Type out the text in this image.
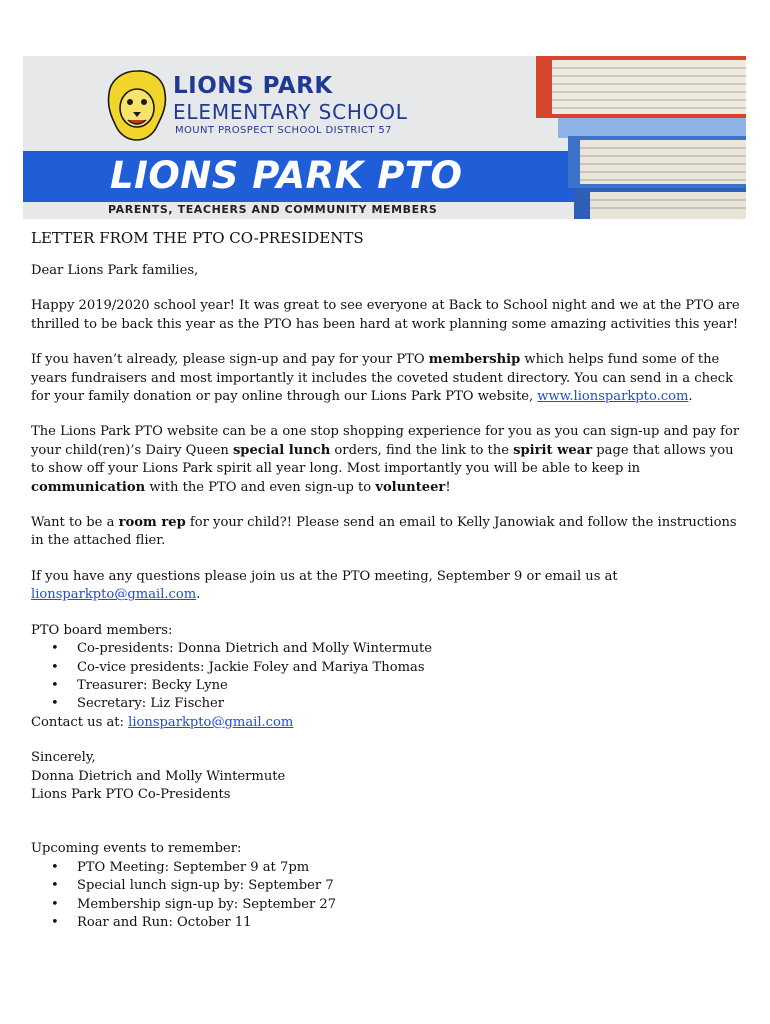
LIONS PARK
ELEMENTARY SCHOOL
MOUNT PROSPECT SCHOOL DISTRICT 57
LIONS PARK PTO
PARENTS, TEACHERS AND COMMUNITY MEMBERS
LETTER FROM THE PTO CO-PRESIDENTS

Dear Lions Park families,

Happy 2019/2020 school year! It was great to see everyone at Back to School night and we at the PTO are thrilled to be back this year as the PTO has been hard at work planning some amazing activities this year!

If you haven’t already, please sign-up and pay for your PTO membership which helps fund some of the years fundraisers and most importantly it includes the coveted student directory. You can send in a check for your family donation or pay online through our Lions Park PTO website, www.lionsparkpto.com.

The Lions Park PTO website can be a one stop shopping experience for you as you can sign-up and pay for your child(ren)’s Dairy Queen special lunch orders, find the link to the spirit wear page that allows you to show off your Lions Park spirit all year long. Most importantly you will be able to keep in communication with the PTO and even sign-up to volunteer!

Want to be a room rep for your child?! Please send an email to Kelly Janowiak and follow the instructions in the attached flier.

If you have any questions please join us at the PTO meeting, September 9 or email us at lionsparkpto@gmail.com.

PTO board members:
• Co-presidents: Donna Dietrich and Molly Wintermute
• Co-vice presidents: Jackie Foley and Mariya Thomas
• Treasurer: Becky Lyne
• Secretary: Liz Fischer

Contact us at: lionsparkpto@gmail.com

Sincerely,
Donna Dietrich and Molly Wintermute
Lions Park PTO Co-Presidents
Upcoming events to remember:
• PTO Meeting: September 9 at 7pm
• Special lunch sign-up by: September 7
• Membership sign-up by: September 27
• Roar and Run: October 11
